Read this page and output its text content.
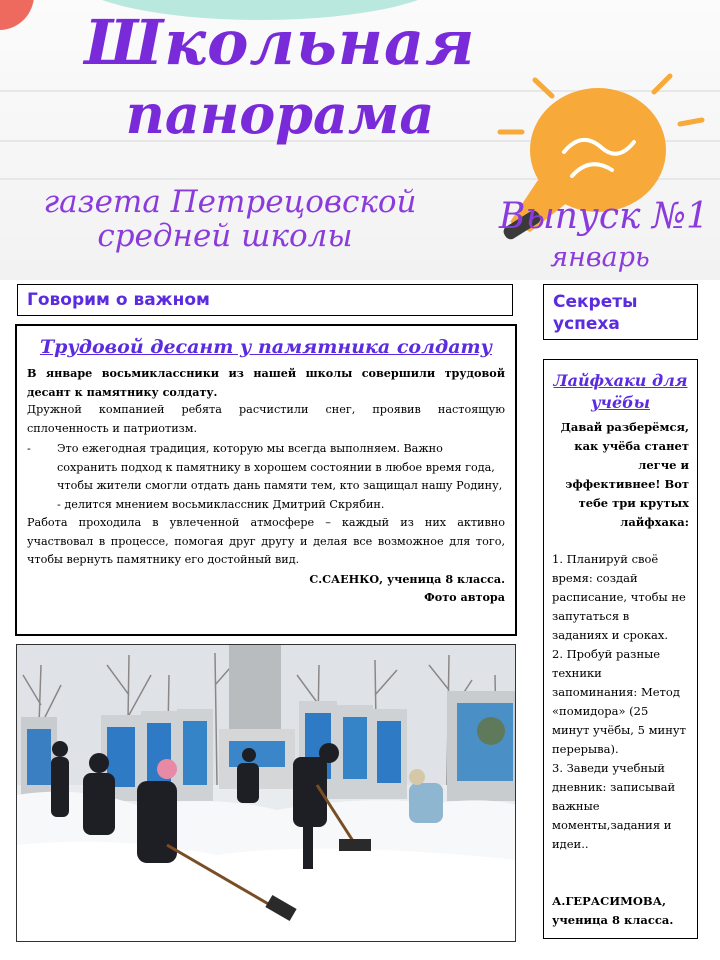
Школьная
панорама
газета Петрецовской
средней школы	Выпуск №1
январь
Говорим о важном	Секреты успеха
Трудовой десант у памятника солдату

В январе восьмиклассники из нашей школы совершили трудовой десант к памятнику солдату.

Дружной компанией ребята расчистили снег, проявив настоящую сплоченность и патриотизм.

- Это ежегодная традиция, которую мы всегда выполняем. Важно сохранить подход к памятнику в хорошем состоянии в любое время года, чтобы жители смогли отдать дань памяти тем, кто защищал нашу Родину, - делится мнением восьмиклассник Дмитрий Скрябин.

Работа проходила в увлеченной атмосфере – каждый из них активно участвовал в процессе, помогая друг другу и делая все возможное для того, чтобы вернуть памятнику его достойный вид.

С.САЕНКО, ученица 8 класса.

Фото автора

Лайфхаки для учёбы

Давай разберёмся, как учёба станет легче и эффективнее! Вот тебе три крутых лайфхака:

1. Планируй своё время: создай расписание, чтобы не запутаться в заданиях и сроках.

2. Пробуй разные техники запоминания: Метод «помидора» (25 минут учёбы, 5 минут перерыва).

3. Заведи учебный дневник: записывай важные моменты,задания и идеи..

А.ГЕРАСИМОВА, ученица 8 класса.
